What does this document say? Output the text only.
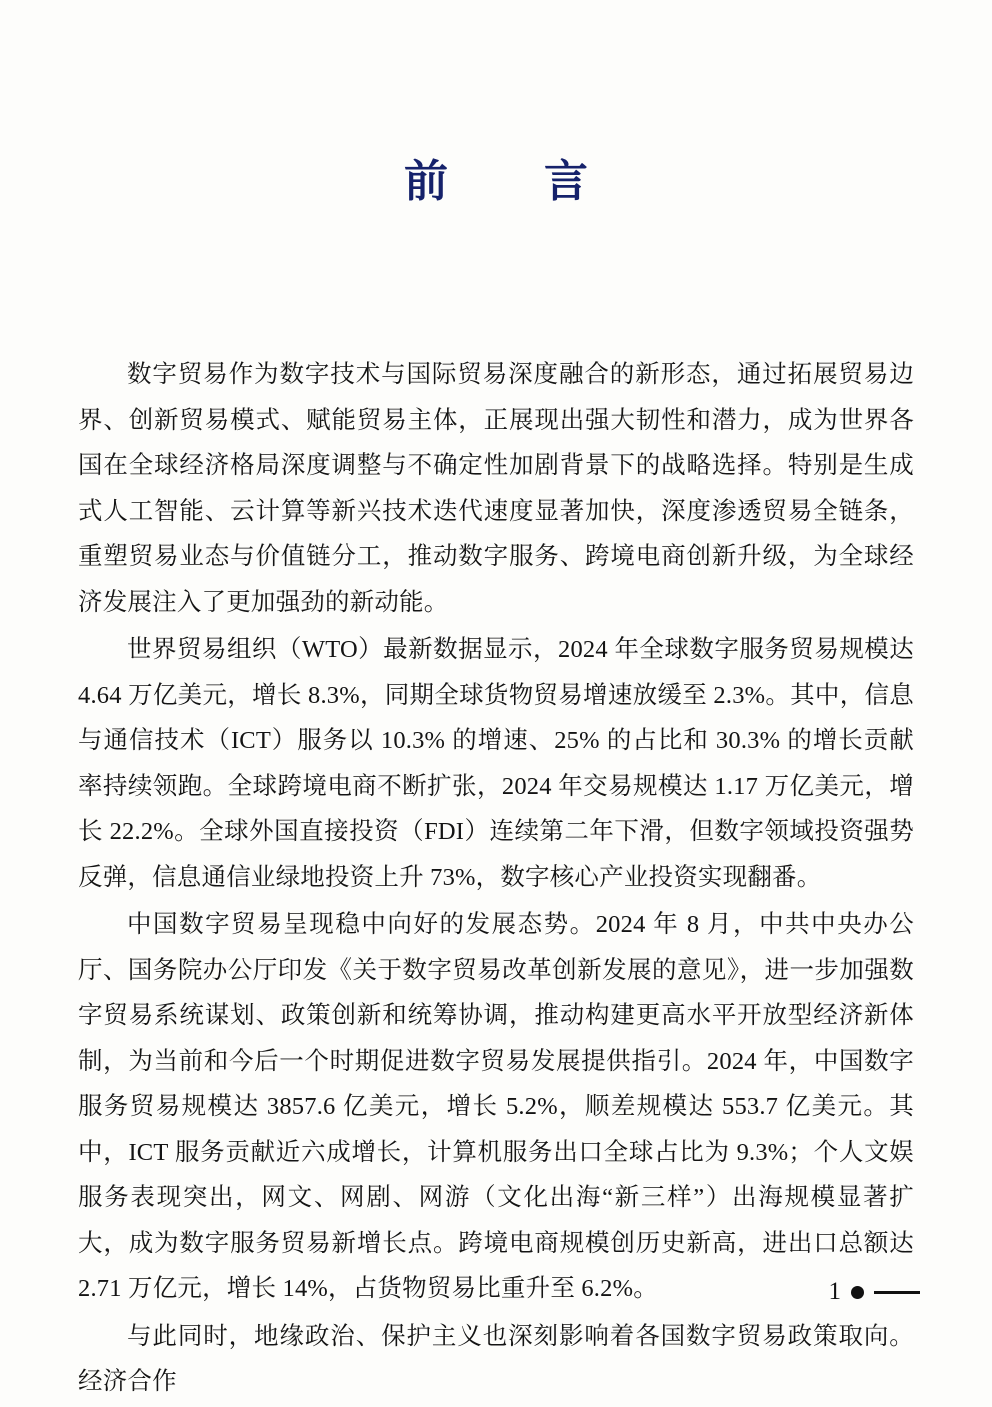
前　言

数字贸易作为数字技术与国际贸易深度融合的新形态，通过拓展贸易边界、创新贸易模式、赋能贸易主体，正展现出强大韧性和潜力，成为世界各国在全球经济格局深度调整与不确定性加剧背景下的战略选择。特别是生成式人工智能、云计算等新兴技术迭代速度显著加快，深度渗透贸易全链条，重塑贸易业态与价值链分工，推动数字服务、跨境电商创新升级，为全球经济发展注入了更加强劲的新动能。

世界贸易组织（WTO）最新数据显示，2024 年全球数字服务贸易规模达 4.64 万亿美元，增长 8.3%，同期全球货物贸易增速放缓至 2.3%。其中，信息与通信技术（ICT）服务以 10.3% 的增速、25% 的占比和 30.3% 的增长贡献率持续领跑。全球跨境电商不断扩张，2024 年交易规模达 1.17 万亿美元，增长 22.2%。全球外国直接投资（FDI）连续第二年下滑，但数字领域投资强势反弹，信息通信业绿地投资上升 73%，数字核心产业投资实现翻番。

中国数字贸易呈现稳中向好的发展态势。2024 年 8 月，中共中央办公厅、国务院办公厅印发《关于数字贸易改革创新发展的意见》，进一步加强数字贸易系统谋划、政策创新和统筹协调，推动构建更高水平开放型经济新体制，为当前和今后一个时期促进数字贸易发展提供指引。2024 年，中国数字服务贸易规模达 3857.6 亿美元，增长 5.2%，顺差规模达 553.7 亿美元。其中，ICT 服务贡献近六成增长，计算机服务出口全球占比为 9.3%；个人文娱服务表现突出，网文、网剧、网游（文化出海“新三样”）出海规模显著扩大，成为数字服务贸易新增长点。跨境电商规模创历史新高，进出口总额达 2.71 万亿元，增长 14%，占货物贸易比重升至 6.2%。

与此同时，地缘政治、保护主义也深刻影响着各国数字贸易政策取向。经济合作

1
